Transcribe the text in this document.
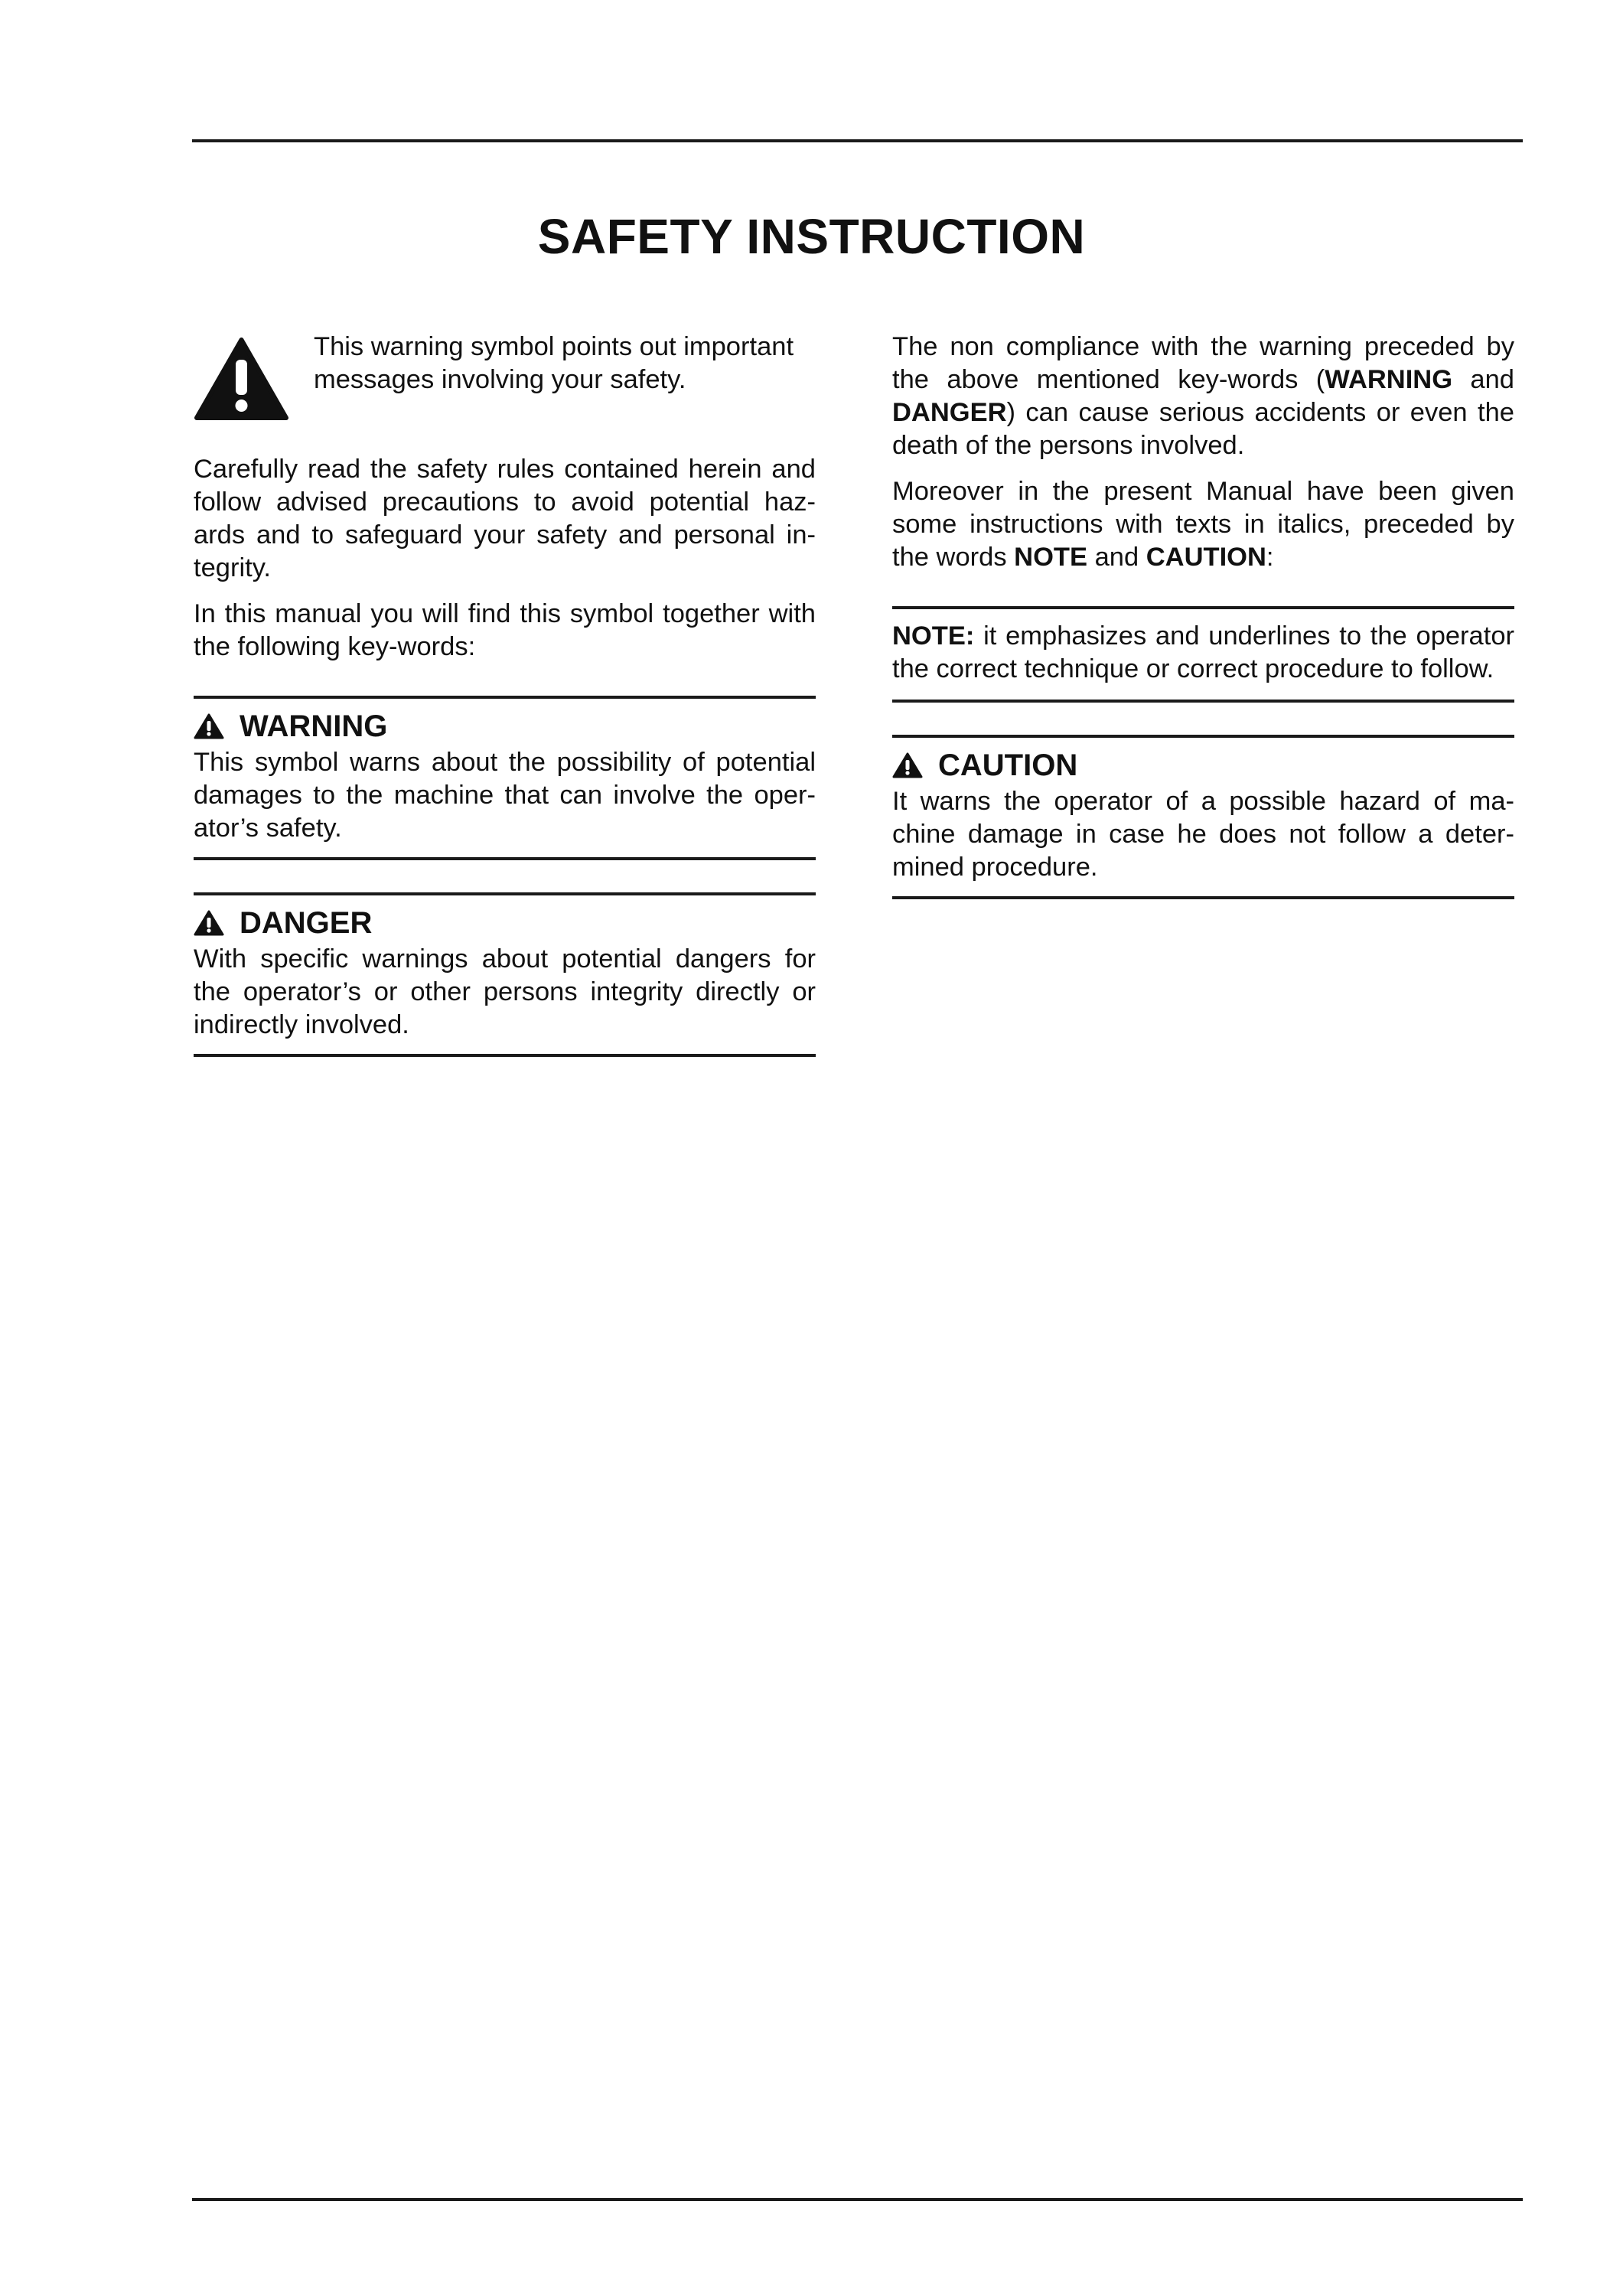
SAFETY INSTRUCTION
This warning symbol points out important messages involving your safety.

Carefully read the safety rules contained herein and follow advised precautions to avoid potential haz-ards and to safeguard your safety and personal in-tegrity.

In this manual you will find this symbol together with the following key-words:

WARNING

This symbol warns about the possibility of potential damages to the machine that can involve the oper-ator’s safety.

DANGER

With specific warnings about potential dangers for the operator’s or other persons integrity directly or indirectly involved.

The non compliance with the warning preceded by the above mentioned key-words (WARNING and DANGER) can cause serious accidents or even the death of the persons involved.

Moreover in the present Manual have been given some instructions with texts in italics, preceded by the words NOTE and CAUTION:

NOTE: it emphasizes and underlines to the operator the correct technique or correct procedure to follow.

CAUTION

It warns the operator of a possible hazard of ma-chine damage in case he does not follow a deter-mined procedure.
